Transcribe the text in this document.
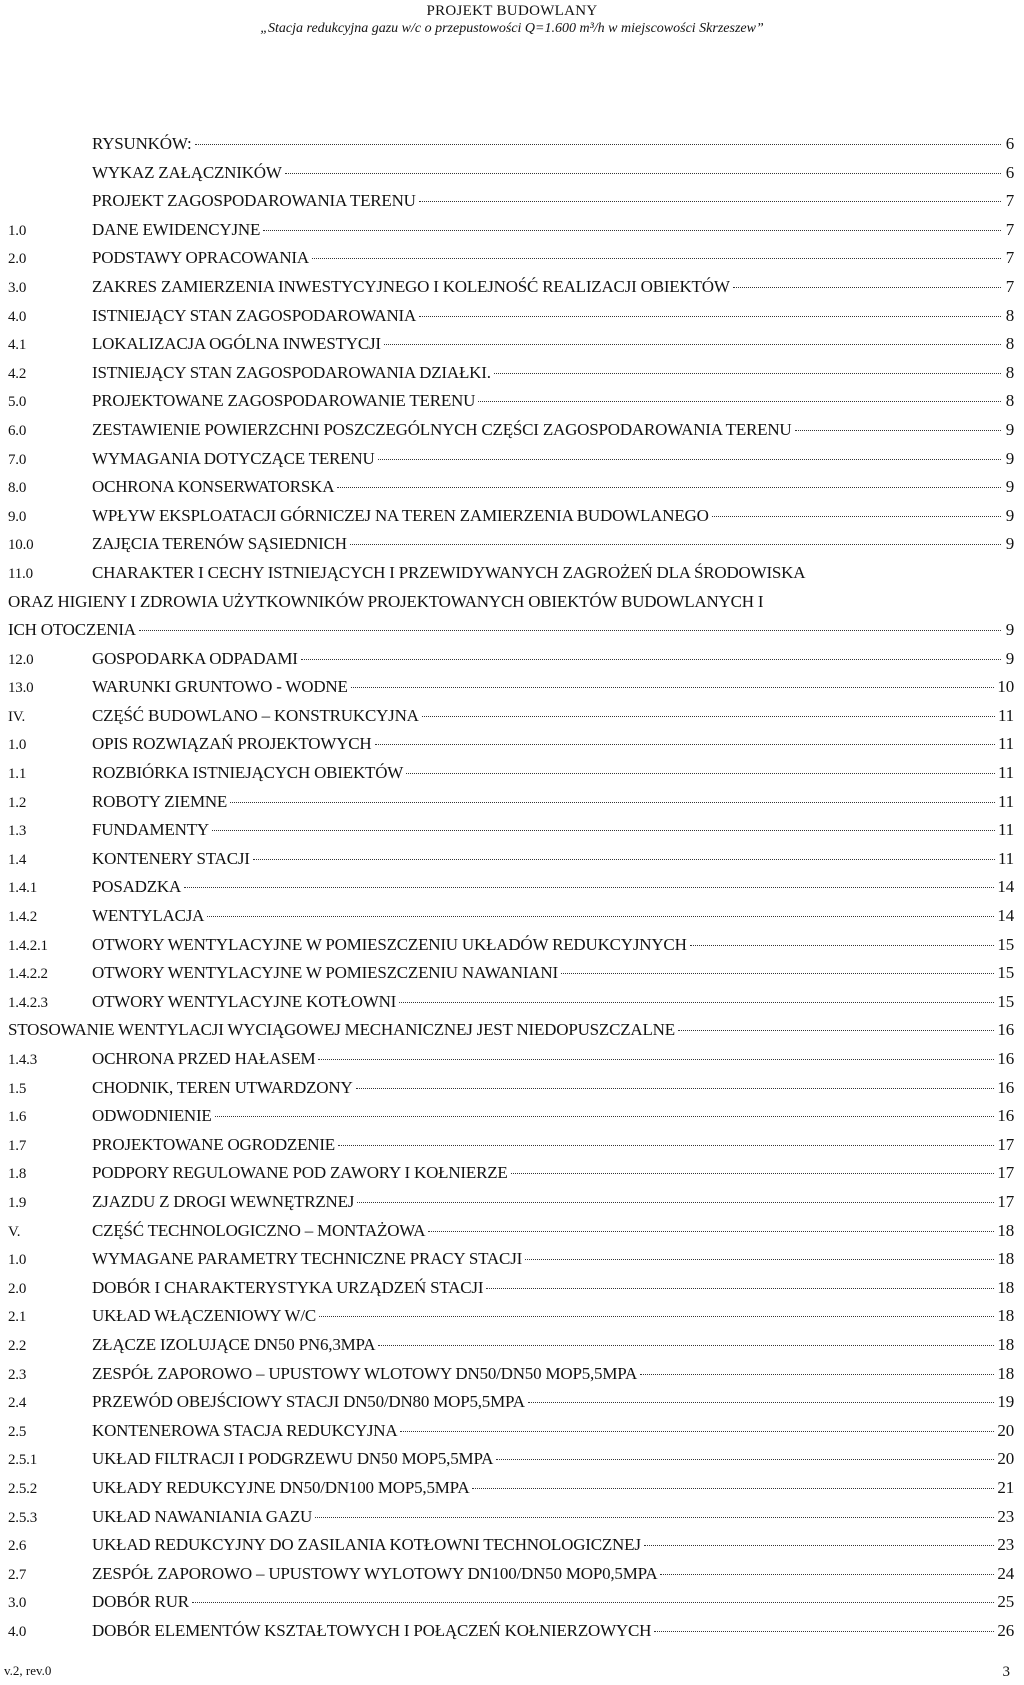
PROJEKT BUDOWLANY
„Stacja redukcyjna gazu w/c o przepustowości Q=1.600 m³/h w miejscowości Skrzeszew”
RYSUNKÓW:	6
WYKAZ ZAŁĄCZNIKÓW	6
PROJEKT ZAGOSPODAROWANIA TERENU	7
1.0	DANE EWIDENCYJNE	7
2.0	PODSTAWY OPRACOWANIA	7
3.0	ZAKRES ZAMIERZENIA INWESTYCYJNEGO I KOLEJNOŚĆ REALIZACJI OBIEKTÓW	7
4.0	ISTNIEJĄCY STAN ZAGOSPODAROWANIA	8
4.1	LOKALIZACJA OGÓLNA INWESTYCJI	8
4.2	ISTNIEJĄCY STAN ZAGOSPODAROWANIA DZIAŁKI.	8
5.0	PROJEKTOWANE ZAGOSPODAROWANIE TERENU	8
6.0	ZESTAWIENIE POWIERZCHNI POSZCZEGÓLNYCH CZĘŚCI ZAGOSPODAROWANIA TERENU	9
7.0	WYMAGANIA DOTYCZĄCE TERENU	9
8.0	OCHRONA KONSERWATORSKA	9
9.0	WPŁYW EKSPLOATACJI GÓRNICZEJ NA TEREN ZAMIERZENIA BUDOWLANEGO	9
10.0	ZAJĘCIA TERENÓW SĄSIEDNICH	9
11.0	CHARAKTER I CECHY ISTNIEJĄCYCH I PRZEWIDYWANYCH ZAGROŻEŃ DLA ŚRODOWISKA
ORAZ HIGIENY I ZDROWIA UŻYTKOWNIKÓW PROJEKTOWANYCH OBIEKTÓW BUDOWLANYCH I
ICH OTOCZENIA	9
12.0	GOSPODARKA ODPADAMI	9
13.0	WARUNKI GRUNTOWO - WODNE	10
IV.	CZĘŚĆ BUDOWLANO – KONSTRUKCYJNA	11
1.0	OPIS ROZWIĄZAŃ PROJEKTOWYCH	11
1.1	ROZBIÓRKA ISTNIEJĄCYCH OBIEKTÓW	11
1.2	ROBOTY ZIEMNE	11
1.3	FUNDAMENTY	11
1.4	KONTENERY STACJI	11
1.4.1	POSADZKA	14
1.4.2	WENTYLACJA	14
1.4.2.1	OTWORY WENTYLACYJNE W POMIESZCZENIU UKŁADÓW REDUKCYJNYCH	15
1.4.2.2	OTWORY WENTYLACYJNE W POMIESZCZENIU NAWANIANI	15
1.4.2.3	OTWORY WENTYLACYJNE KOTŁOWNI	15
STOSOWANIE WENTYLACJI WYCIĄGOWEJ MECHANICZNEJ JEST NIEDOPUSZCZALNE	16
1.4.3	OCHRONA PRZED HAŁASEM	16
1.5	CHODNIK, TEREN UTWARDZONY	16
1.6	ODWODNIENIE	16
1.7	PROJEKTOWANE OGRODZENIE	17
1.8	PODPORY REGULOWANE POD ZAWORY I KOŁNIERZE	17
1.9	ZJAZDU Z DROGI WEWNĘTRZNEJ	17
V.	CZĘŚĆ TECHNOLOGICZNO – MONTAŻOWA	18
1.0	WYMAGANE PARAMETRY TECHNICZNE PRACY STACJI	18
2.0	DOBÓR I CHARAKTERYSTYKA URZĄDZEŃ STACJI	18
2.1	UKŁAD WŁĄCZENIOWY W/C	18
2.2	ZŁĄCZE IZOLUJĄCE DN50 PN6,3MPA	18
2.3	ZESPÓŁ ZAPOROWO – UPUSTOWY WLOTOWY DN50/DN50 MOP5,5MPA	18
2.4	PRZEWÓD OBEJŚCIOWY STACJI DN50/DN80 MOP5,5MPA	19
2.5	KONTENEROWA STACJA REDUKCYJNA	20
2.5.1	UKŁAD FILTRACJI I PODGRZEWU DN50 MOP5,5MPA	20
2.5.2	UKŁADY REDUKCYJNE DN50/DN100 MOP5,5MPA	21
2.5.3	UKŁAD NAWANIANIA GAZU	23
2.6	UKŁAD REDUKCYJNY DO ZASILANIA KOTŁOWNI TECHNOLOGICZNEJ	23
2.7	ZESPÓŁ ZAPOROWO – UPUSTOWY WYLOTOWY DN100/DN50 MOP0,5MPA	24
3.0	DOBÓR RUR	25
4.0	DOBÓR ELEMENTÓW KSZTAŁTOWYCH I POŁĄCZEŃ KOŁNIERZOWYCH	26
v.2, rev.0	3
